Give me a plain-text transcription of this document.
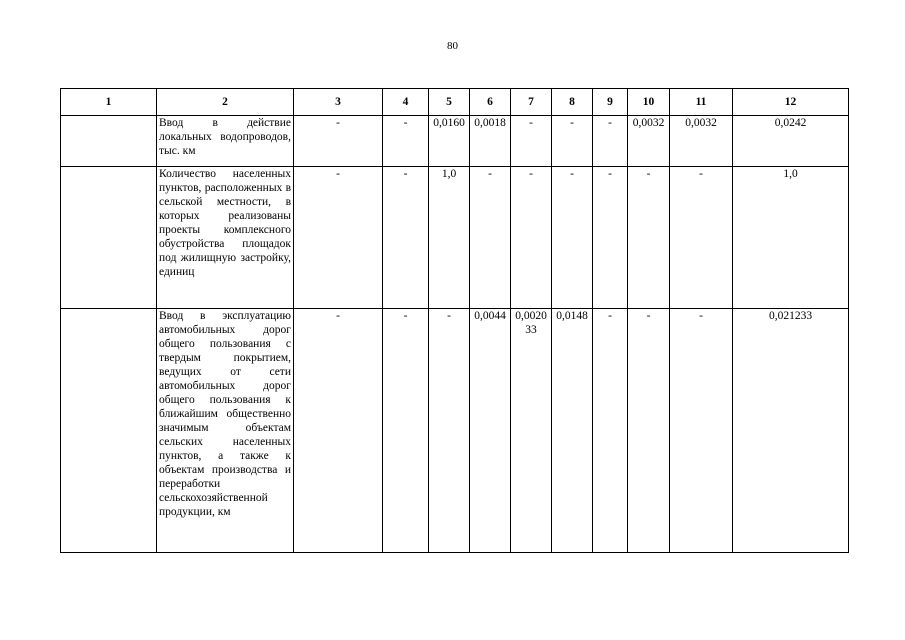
80
1	2	3	4	5	6	7	8	9	10	11	12
	Ввод в действие локальных водопроводов, тыс. км	-	-	0,0160	0,0018	-	-	-	0,0032	0,0032	0,0242
	Количество населенных пунктов, расположенных в сельской местности, в которых реализованы проекты комплексного обустройства площадок под жилищную застройку, единиц	-	-	1,0	-	-	-	-	-	-	1,0
	Ввод в эксплуатацию автомобильных дорог общего пользования с твердым покрытием, ведущих от сети автомобильных дорог общего пользования к ближайшим общественно значимым объектам сельских населенных пунктов, а также к объектам производства и переработки сельскохозяйственной продукции, км	-	-	-	0,0044	0,002033	0,0148	-	-	-	0,021233
